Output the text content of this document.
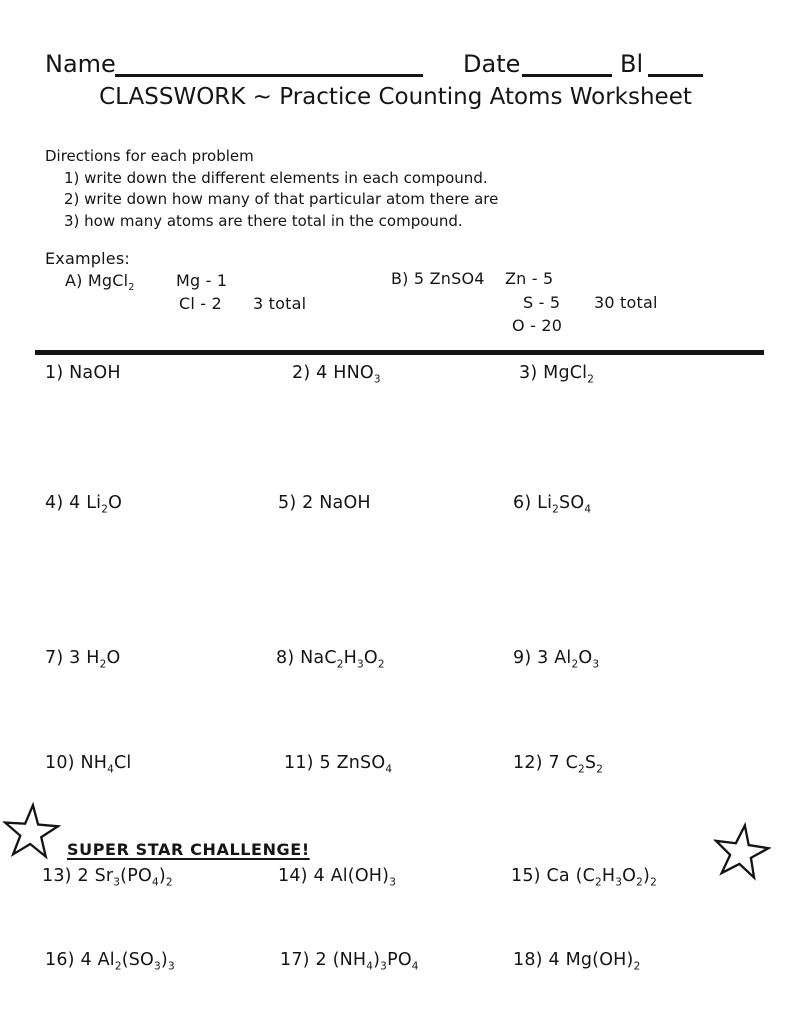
Name	Date	Bl
CLASSWORK ~ Practice Counting Atoms Worksheet
Directions for each problem
1) write down the different elements in each compound.
2) write down how many of that particular atom there are
3) how many atoms are there total in the compound.
Examples:
A) MgCl$_2$	Mg - 1
Cl - 2 3 total
B) 5 ZnSO4 Zn - 5
S - 5 30 total
O - 20
1) NaOH	2) 4 $HNO_3$	3) MgCl$_2$
4) 4 $Li_2O$	5) 2 NaOH	6) $Li_2SO_4$
7) 3 $H_2O$	8) $NaC_2H_3O_2$	9) 3 $Al_2O_3$
10) $NH_4Cl$	11) 5 ZnSO$_4$	12) 7 $C_2S_2$
13) 2 $Sr_3(PO_4)_2$	14) 4 $Al(OH)_3$	15) Ca $(C_2H_3O_2)_2$
16) 4 $Al_2(SO_3)_3$	17) 2 $(NH_4)_3PO_4$	18) 4 $Mg(OH)_2$
SUPER STAR CHALLENGE!
